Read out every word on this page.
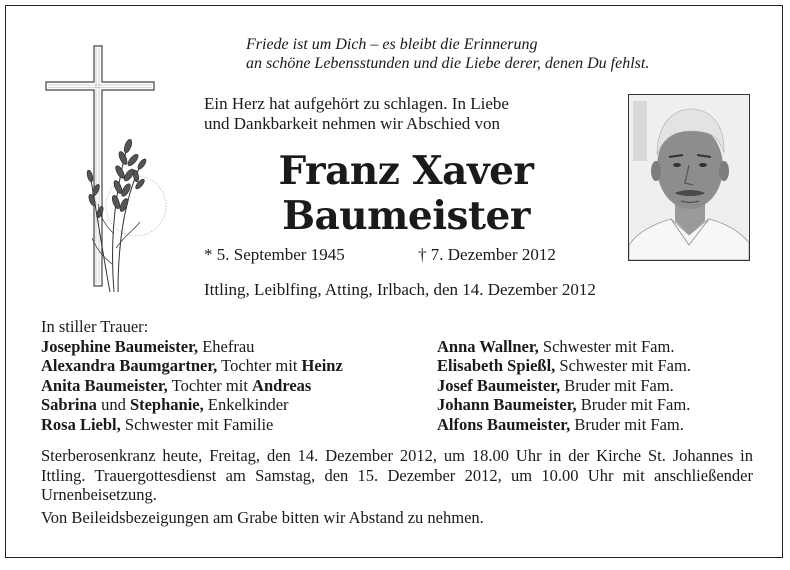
Friede ist um Dich – es bleibt die Erinnerung
an schöne Lebensstunden und die Liebe derer, denen Du fehlst.
Ein Herz hat aufgehört zu schlagen. In Liebe
und Dankbarkeit nehmen wir Abschied von
Franz Xaver
Baumeister
* 5. September 1945	† 7. Dezember 2012
Ittling, Leiblfing, Atting, Irlbach, den 14. Dezember 2012
In stiller Trauer:
Josephine Baumeister, Ehefrau
Alexandra Baumgartner, Tochter mit Heinz
Anita Baumeister, Tochter mit Andreas
Sabrina und Stephanie, Enkelkinder
Rosa Liebl, Schwester mit Familie
Anna Wallner, Schwester mit Fam.
Elisabeth Spießl, Schwester mit Fam.
Josef Baumeister, Bruder mit Fam.
Johann Baumeister, Bruder mit Fam.
Alfons Baumeister, Bruder mit Fam.

Sterberosenkranz heute, Freitag, den 14. Dezember 2012, um 18.00 Uhr in der Kirche St. Johannes in Ittling. Trauergottesdienst am Samstag, den 15. Dezember 2012, um 10.00 Uhr mit anschließender Urnenbeisetzung.

Von Beileidsbezeigungen am Grabe bitten wir Abstand zu nehmen.
